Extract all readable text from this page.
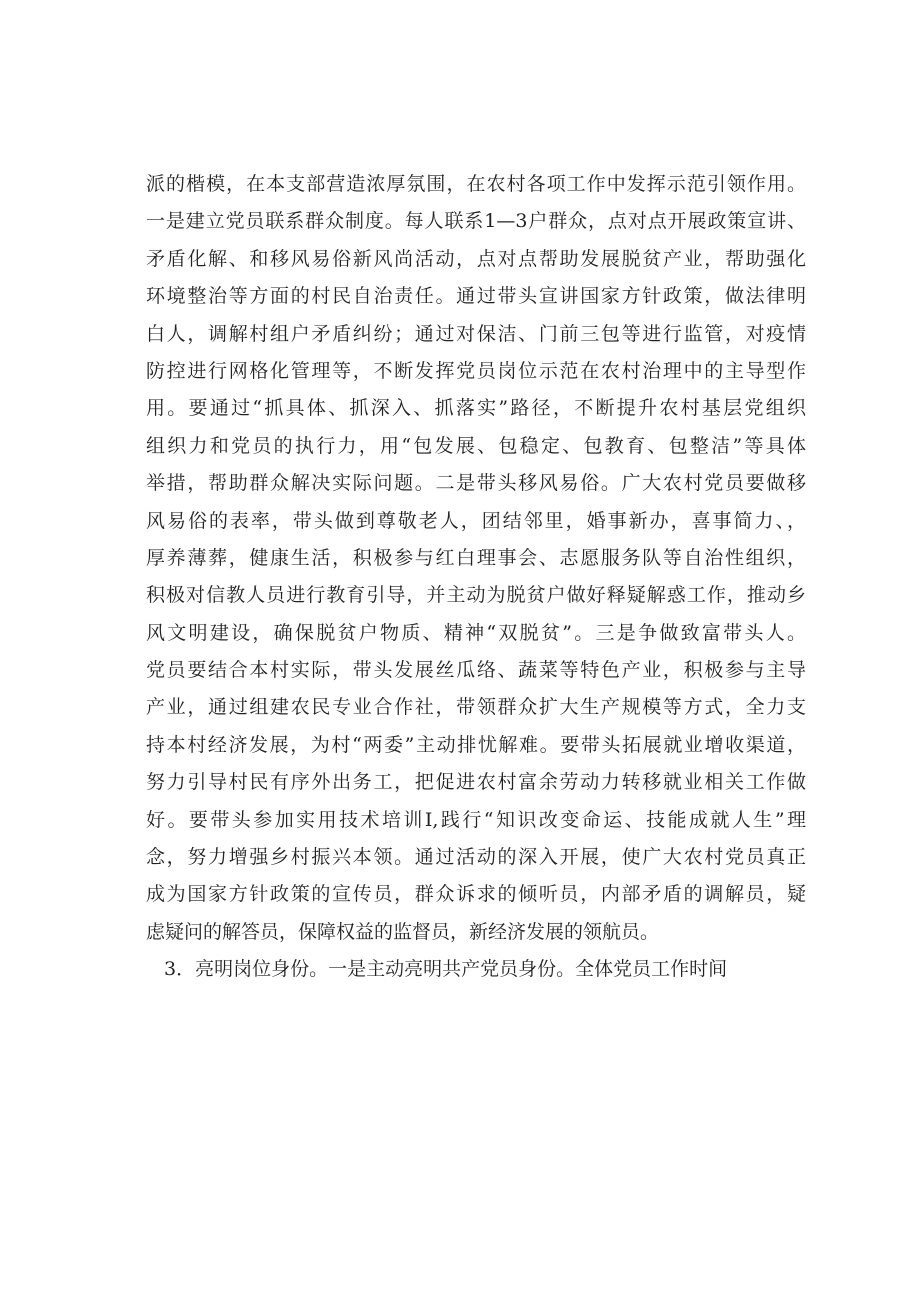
派的楷模，在本支部营造浓厚氛围，在农村各项工作中发挥示范引领作用。
一是建立党员联系群众制度。每人联系1—3户群众，点对点开展政策宣讲、
矛盾化解、和移风易俗新风尚活动，点对点帮助发展脱贫产业，帮助强化
环境整治等方面的村民自治责任。通过带头宣讲国家方针政策，做法律明
白人，调解村组户矛盾纠纷；通过对保洁、门前三包等进行监管，对疫情
防控进行网格化管理等，不断发挥党员岗位示范在农村治理中的主导型作
用。要通过“抓具体、抓深入、抓落实”路径，不断提升农村基层党组织
组织力和党员的执行力，用“包发展、包稳定、包教育、包整洁”等具体
举措，帮助群众解决实际问题。二是带头移风易俗。广大农村党员要做移
风易俗的表率，带头做到尊敬老人，团结邻里，婚事新办，喜事简力、，
厚养薄葬，健康生活，积极参与红白理事会、志愿服务队等自治性组织，
积极对信教人员进行教育引导，并主动为脱贫户做好释疑解惑工作，推动乡
风文明建设，确保脱贫户物质、精神“双脱贫”。三是争做致富带头人。
党员要结合本村实际，带头发展丝瓜络、蔬菜等特色产业，积极参与主导
产业，通过组建农民专业合作社，带领群众扩大生产规模等方式，全力支
持本村经济发展，为村“两委”主动排忧解难。要带头拓展就业增收渠道，
努力引导村民有序外出务工，把促进农村富余劳动力转移就业相关工作做
好。要带头参加实用技术培训I,践行“知识改变命运、技能成就人生”理
念，努力增强乡村振兴本领。通过活动的深入开展，使广大农村党员真正
成为国家方针政策的宣传员，群众诉求的倾听员，内部矛盾的调解员，疑
虑疑问的解答员，保障权益的监督员，新经济发展的领航员。
3．亮明岗位身份。一是主动亮明共产党员身份。全体党员工作时间
